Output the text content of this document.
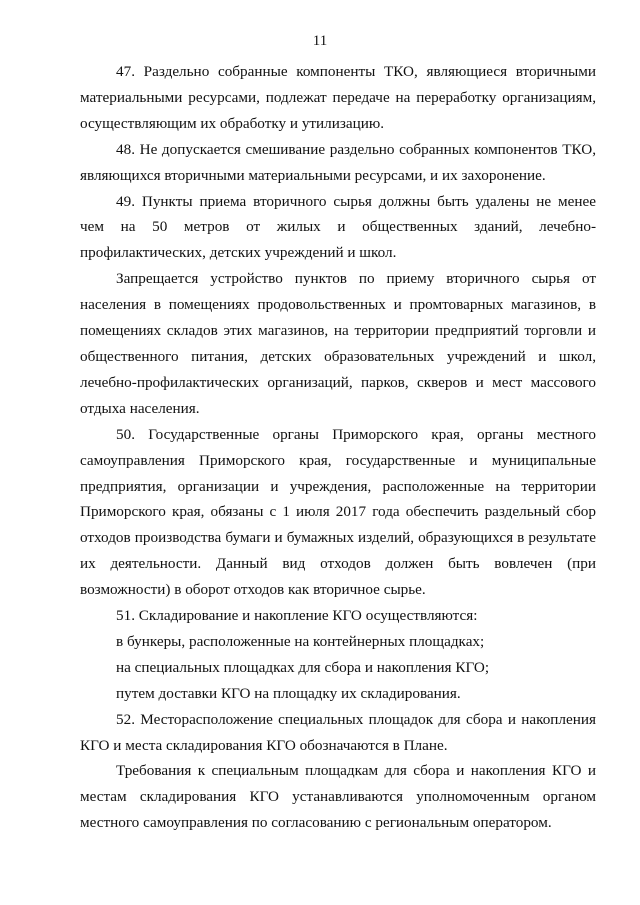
11

47. Раздельно собранные компоненты ТКО, являющиеся вторичными материальными ресурсами, подлежат передаче на переработку организациям, осуществляющим их обработку и утилизацию.

48. Не допускается смешивание раздельно собранных компонентов ТКО, являющихся вторичными материальными ресурсами, и их захоронение.

49. Пункты приема вторичного сырья должны быть удалены не менее чем на 50 метров от жилых и общественных зданий, лечебно-профилактических, детских учреждений и школ.

Запрещается устройство пунктов по приему вторичного сырья от населения в помещениях продовольственных и промтоварных магазинов, в помещениях складов этих магазинов, на территории предприятий торговли и общественного питания, детских образовательных учреждений и школ, лечебно-профилактических организаций, парков, скверов и мест массового отдыха населения.

50. Государственные органы Приморского края, органы местного самоуправления Приморского края, государственные и муниципальные предприятия, организации и учреждения, расположенные на территории Приморского края, обязаны с 1 июля 2017 года обеспечить раздельный сбор отходов производства бумаги и бумажных изделий, образующихся в результате их деятельности. Данный вид отходов должен быть вовлечен (при возможности) в оборот отходов как вторичное сырье.

51. Складирование и накопление КГО осуществляются:

в бункеры, расположенные на контейнерных площадках;

на специальных площадках для сбора и накопления КГО;

путем доставки КГО на площадку их складирования.

52. Месторасположение специальных площадок для сбора и накопления КГО и места складирования КГО обозначаются в Плане.

Требования к специальным площадкам для сбора и накопления КГО и местам складирования КГО устанавливаются уполномоченным органом местного самоуправления по согласованию с региональным оператором.
